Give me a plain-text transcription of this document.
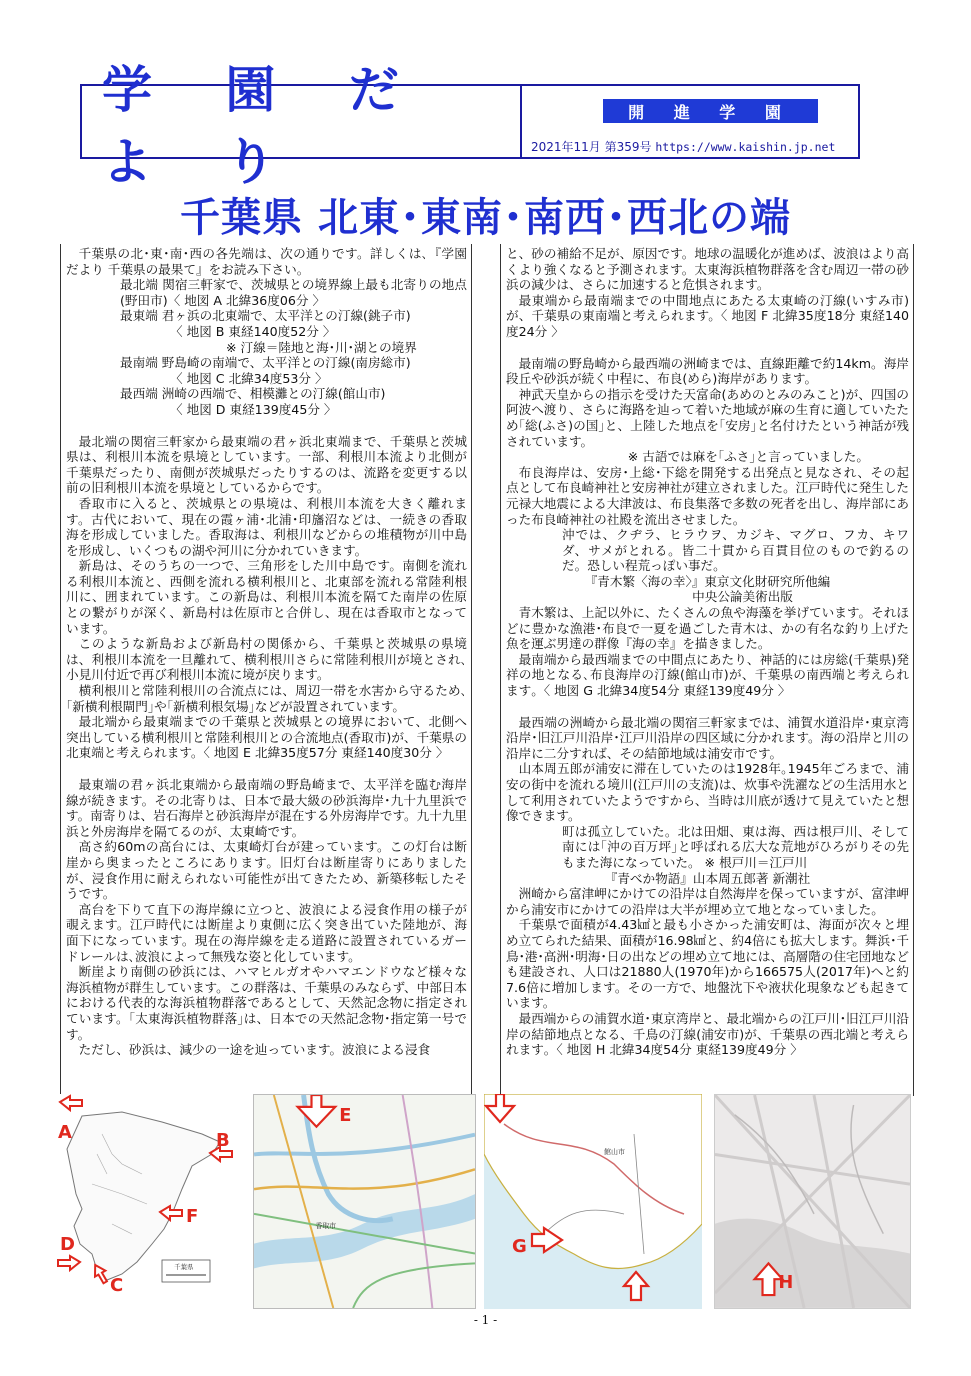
学 園 だ よ り
開 進 学 園
2021年11月 第359号 https://www.kaishin.jp.net
千葉県 北東･東南･南西･西北の端

千葉県の北･東･南･西の各先端は、次の通りです。詳しくは､『学園だより 千葉県の最果て』をお読み下さい。

最北端 関宿三軒家で、茨城県との境界線上最も北寄りの地点(野田市)〈 地図 A 北緯36度06分 〉

最東端 君ヶ浜の北東端で、太平洋との汀線(銚子市)

〈 地図 B 東経140度52分 〉

※ 汀線＝陸地と海･川･湖との境界

最南端 野島崎の南端で、太平洋との汀線(南房総市)

〈 地図 C 北緯34度53分 〉

最西端 洲崎の西端で、相模灘との汀線(館山市)

〈 地図 D 東経139度45分 〉

最北端の関宿三軒家から最東端の君ヶ浜北東端まで、千葉県と茨城県は、利根川本流を県境としています。一部、利根川本流より北側が千葉県だったり、南側が茨城県だったりするのは、流路を変更する以前の旧利根川本流を県境としているからです。

香取市に入ると、茨城県との県境は、利根川本流を大きく離れます。古代において、現在の霞ヶ浦･北浦･印旛沼などは、一続きの香取海を形成していました。香取海は、利根川などからの堆積物が川中島を形成し、いくつもの湖や河川に分かれていきます。

新島は、そのうちの一つで、三角形をした川中島です。南側を流れる利根川本流と、西側を流れる横利根川と、北東部を流れる常陸利根川に、囲まれています。この新島は、利根川本流を隔てた南岸の佐原との繋がりが深く、新島村は佐原市と合併し、現在は香取市となっています。

このような新島および新島村の関係から、千葉県と茨城県の県境は、利根川本流を一旦離れて、横利根川さらに常陸利根川が境とされ､小見川付近で再び利根川本流に境が戻ります。

横利根川と常陸利根川の合流点には、周辺一帯を水害から守るため､｢新横利根閘門｣や｢新横利根気場｣などが設置されています。

最北端から最東端までの千葉県と茨城県との境界において、北側へ突出している横利根川と常陸利根川との合流地点(香取市)が、千葉県の北東端と考えられます。〈 地図 E 北緯35度57分 東経140度30分 〉

最東端の君ヶ浜北東端から最南端の野島崎まで、太平洋を臨む海岸線が続きます。その北寄りは、日本で最大級の砂浜海岸･九十九里浜です。南寄りは、岩石海岸と砂浜海岸が混在する外房海岸です。九十九里浜と外房海岸を隔てるのが、太東崎です。

高さ約60mの高台には、太東崎灯台が建っています。この灯台は断崖から奥まったところにあります。旧灯台は断崖寄りにありましたが、浸食作用に耐えられない可能性が出てきたため、新築移転したそうです。

高台を下りて直下の海岸線に立つと、波浪による浸食作用の様子が覗えます。江戸時代には断崖より東側に広く突き出ていた陸地が、海面下になっています。現在の海岸線を走る道路に設置されているガードレールは､波浪によって無残な姿と化しています。

断崖より南側の砂浜には、ハマヒルガオやハマエンドウなど様々な海浜植物が群生しています。この群落は、千葉県のみならず、中部日本における代表的な海浜植物群落であるとして、天然記念物に指定されています。｢太東海浜植物群落｣は、日本での天然記念物･指定第一号です。

ただし、砂浜は、減少の一途を辿っています。波浪による浸食

と、砂の補給不足が、原因です。地球の温暖化が進めば、波浪はより高くより強くなると予測されます。太東海浜植物群落を含む周辺一帯の砂浜の減少は、さらに加速すると危惧されます。

最東端から最南端までの中間地点にあたる太東崎の汀線(いすみ市)が、千葉県の東南端と考えられます。〈 地図 F 北緯35度18分 東経140度24分 〉

最南端の野島崎から最西端の洲崎までは、直線距離で約14km。海岸段丘や砂浜が続く中程に、布良(めら)海岸があります。

神武天皇からの指示を受けた天富命(あめのとみのみこと)が、四国の阿波へ渡り、さらに海路を辿って着いた地域が麻の生育に適していたため｢総(ふさ)の国｣と、上陸した地点を｢安房｣と名付けたという神話が残されています。

※ 古語では麻を｢ふさ｣と言っていました。

布良海岸は、安房･上総･下総を開発する出発点と見なされ、その起点として布良崎神社と安房神社が建立されました。江戸時代に発生した元禄大地震による大津波は、布良集落で多数の死者を出し、海岸部にあった布良崎神社の社殿を流出させました。

沖では、クヂラ、ヒラウヲ、カジキ、マグロ、フカ、キワダ、サメがとれる。皆二十貫から百貫目位のもので釣るのだ。恐しい程荒っぽい事だ。

『青木繁〈海の幸〉』東京文化財研究所他編

中央公論美術出版

青木繁は、上記以外に、たくさんの魚や海藻を挙げています。それほどに豊かな漁港･布良で一夏を過ごした青木は、かの有名な釣り上げた魚を運ぶ男達の群像『海の幸』を描きました。

最南端から最西端までの中間点にあたり、神話的には房総(千葉県)発祥の地となる､布良海岸の汀線(館山市)が、千葉県の南西端と考えられます｡〈 地図 G 北緯34度54分 東経139度49分 〉

最西端の洲崎から最北端の関宿三軒家までは、浦賀水道沿岸･東京湾沿岸･旧江戸川沿岸･江戸川沿岸の四区域に分かれます。海の沿岸と川の沿岸に二分すれば、その結節地域は浦安市です。

山本周五郎が浦安に滞在していたのは1928年｡1945年ごろまで、浦安の街中を流れる境川(江戸川の支流)は、炊事や洗濯などの生活用水として利用されていたようですから、当時は川底が透けて見えていたと想像できます。

町は孤立していた。北は田畑、東は海、西は根戸川、そして南には｢沖の百万坪｣と呼ばれる広大な荒地がひろがりその先もまた海になっていた。 ※ 根戸川＝江戸川

『青べか物語』山本周五郎著 新潮社

洲崎から富津岬にかけての沿岸は自然海岸を保っていますが、富津岬から浦安市にかけての沿岸は大半が埋め立て地となっていました。

千葉県で面積が4.43㎢と最も小さかった浦安町は、海面が次々と埋め立てられた結果、面積が16.98㎢と、約4倍にも拡大します。舞浜･千鳥･港･高洲･明海･日の出などの埋め立て地には、高層階の住宅団地なども建設され、人口は21880人(1970年)から166575人(2017年)へと約7.6倍に増加します。その一方で、地盤沈下や液状化現象なども起きています。

最西端からの浦賀水道･東京湾岸と、最北端からの江戸川･旧江戸川沿岸の結節地点となる、千鳥の汀線(浦安市)が、千葉県の西北端と考えられます｡〈 地図 H 北緯34度54分 東経139度49分 〉

A	B
C
D
F
千葉県
香取市
E
館山市
G
H
- 1 -
